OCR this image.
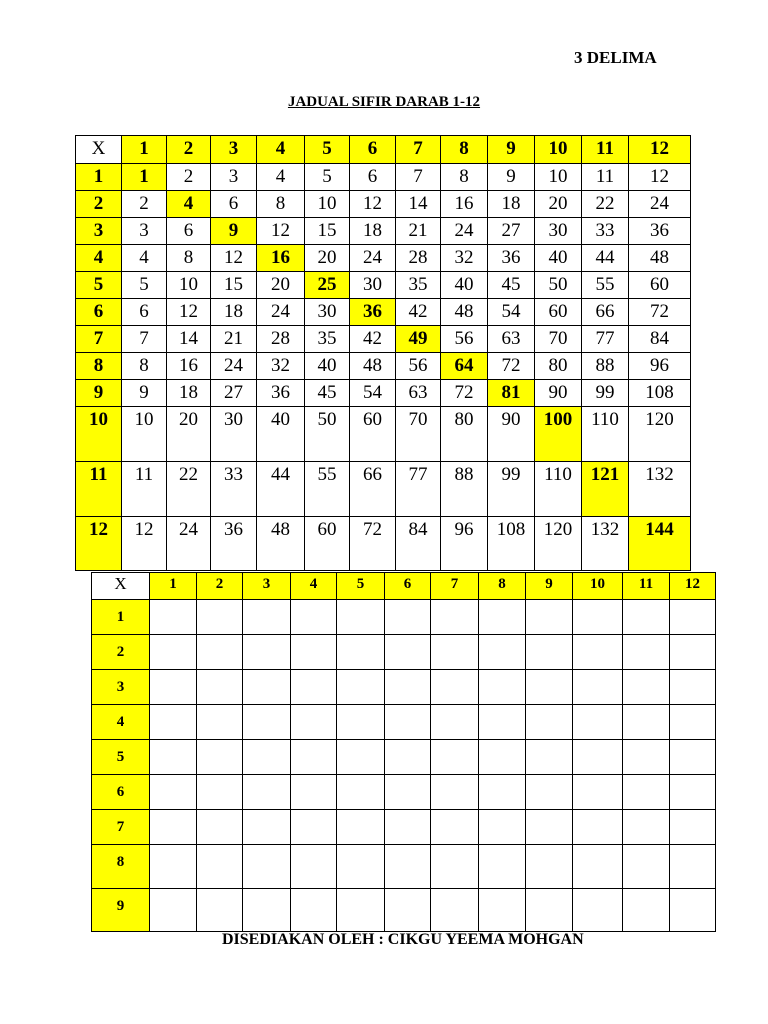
3 DELIMA
JADUAL SIFIR DARAB 1-12
X	1	2	3	4	5	6	7	8	9	10	11	12
1	1	2	3	4	5	6	7	8	9	10	11	12
2	2	4	6	8	10	12	14	16	18	20	22	24
3	3	6	9	12	15	18	21	24	27	30	33	36
4	4	8	12	16	20	24	28	32	36	40	44	48
5	5	10	15	20	25	30	35	40	45	50	55	60
6	6	12	18	24	30	36	42	48	54	60	66	72
7	7	14	21	28	35	42	49	56	63	70	77	84
8	8	16	24	32	40	48	56	64	72	80	88	96
9	9	18	27	36	45	54	63	72	81	90	99	108
10	10	20	30	40	50	60	70	80	90	100	110	120
11	11	22	33	44	55	66	77	88	99	110	121	132
12	12	24	36	48	60	72	84	96	108	120	132	144
X	1	2	3	4	5	6	7	8	9	10	11	12
1												
2												
3												
4												
5												
6												
7												
8												
9												
DISEDIAKAN OLEH : CIKGU YEEMA MOHGAN
